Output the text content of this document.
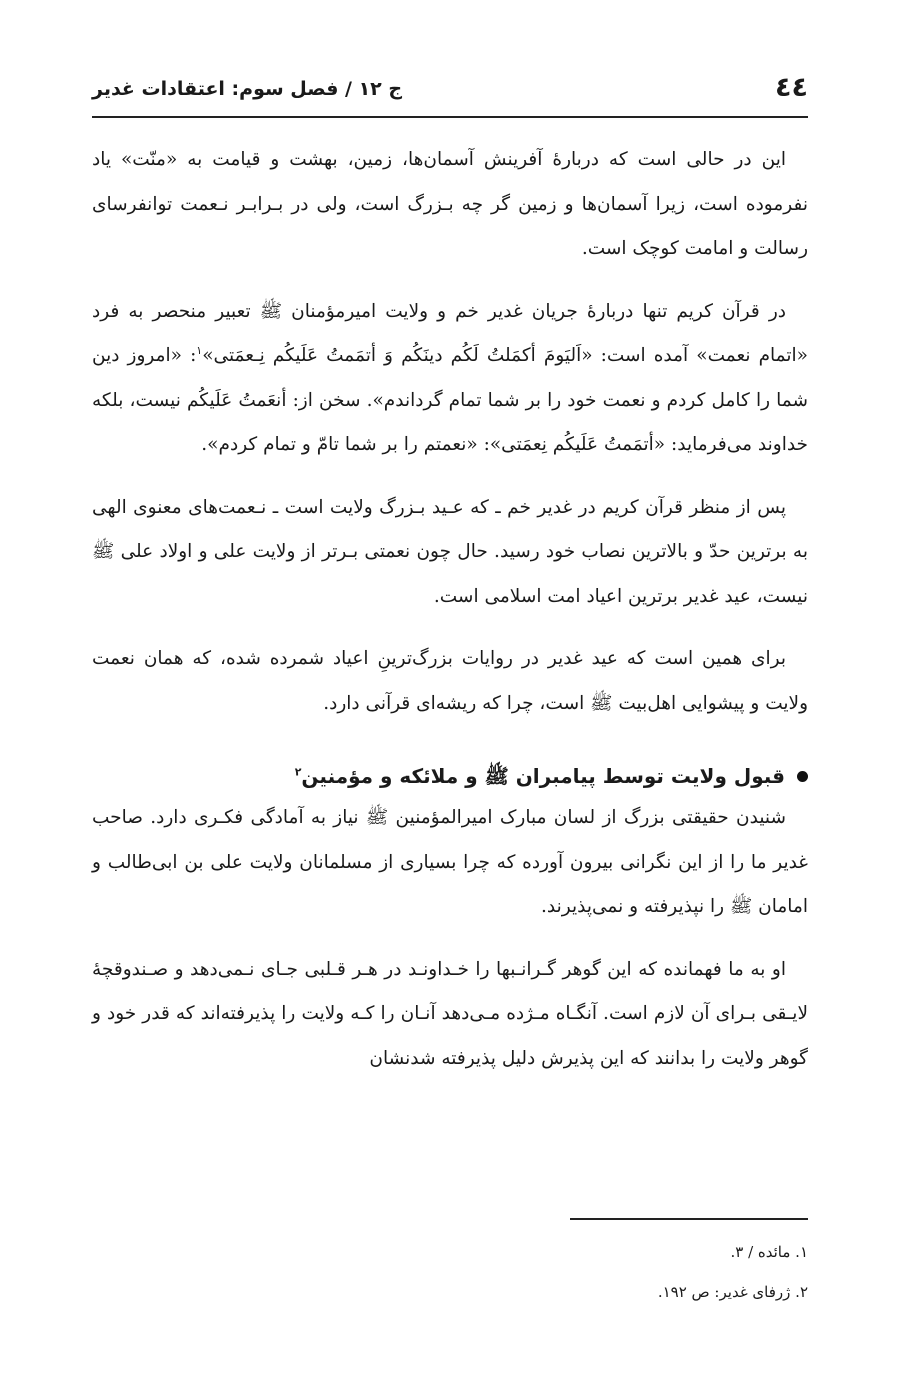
٤٤
ج ١٢ / فصل سوم: اعتقادات غدیر

این در حالی است که دربارۀ آفرینش آسمان‌ها، زمین، بهشت و قیامت به «منّت» یاد نفرموده است، زیرا آسمان‌ها و زمین گر چه بـزرگ است، ولی در بـرابـر نـعمت توانفرسای رسالت و امامت کوچک است.

در قرآن کریم تنها دربارۀ جریان غدیر خم و ولایت امیرمؤمنان ﷺ تعبیر منحصر به فرد «اتمام نعمت» آمده است: «اَلیَومَ أکمَلتُ لَکُم دینَکُم وَ أتمَمتُ عَلَیکُم نِـعمَتی»$^١$: «امروز دین شما را کامل کردم و نعمت خود را بر شما تمام گرداندم». سخن از: أنعَمتُ عَلَیکُم نیست، بلکه خداوند می‌فرماید: «أتمَمتُ عَلَیکُم نِعمَتی»: «نعمتم را بر شما تامّ و تمام کردم».

پس از منظر قرآن کریم در غدیر خم ـ که عـید بـزرگ ولایت است ـ نـعمت‌های معنوی الهی به برترین حدّ و بالاترین نصاب خود رسید. حال چون نعمتی بـرتر از ولایت علی و اولاد علی ﷺ نیست، عید غدیر برترین اعیاد امت اسلامی است.

برای همین است که عید غدیر در روایات بزرگ‌ترینِ اعیاد شمرده شده، که همان نعمت ولایت و پیشوایی اهل‌بیت ﷺ است، چرا که ریشه‌ای قرآنی دارد.

قبول ولایت توسط پیامبران ﷺ و ملائکه و مؤمنین$^٢$

شنیدن حقیقتی بزرگ از لسان مبارک امیرالمؤمنین ﷺ نیاز به آمادگی فکـری دارد. صاحب غدیر ما را از این نگرانی بیرون آورده که چرا بسیاری از مسلمانان ولایت علی بن ابی‌طالب و امامان ﷺ را نپذیرفته و نمی‌پذیرند.

او به ما فهمانده که این گوهر گـرانـبها را خـداونـد در هـر قـلبی جـای نـمی‌دهد و صـندوقچۀ لایـقی بـرای آن لازم است. آنگـاه مـژده مـی‌دهد آنـان را کـه ولایت را پذیرفته‌اند که قدر خود و گوهر ولایت را بدانند که این پذیرش دلیل پذیرفته شدنشان

١. مائده / ٣.
٢. ژرفای غدیر: ص ١٩٢.
